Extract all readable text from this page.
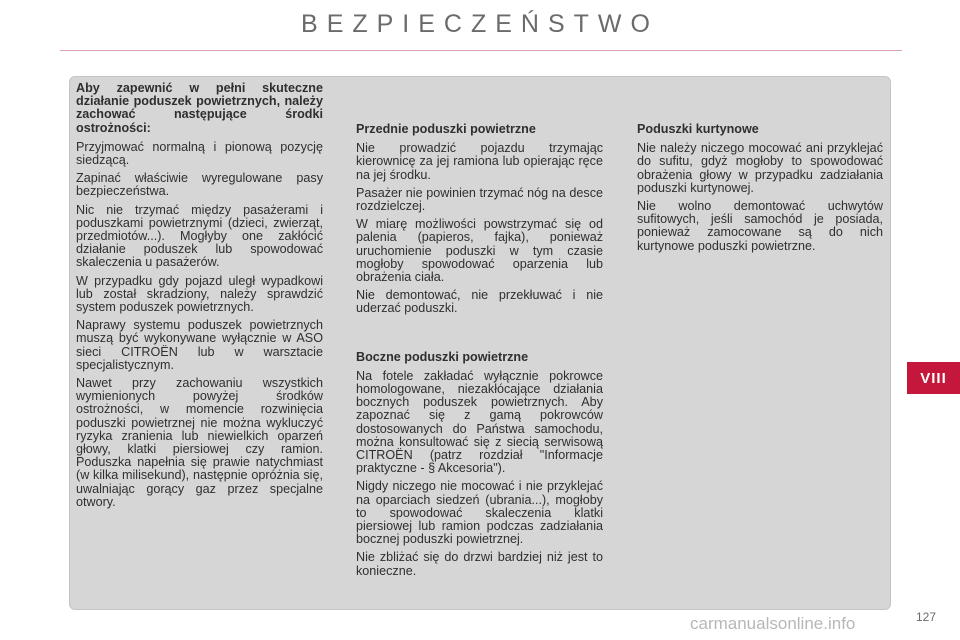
BEZPIECZEŃSTWO
Aby zapewnić w pełni skuteczne działanie poduszek powietrznych, należy zachować następujące środki ostrożności:

Przyjmować normalną i pionową pozycję siedzącą.

Zapinać właściwie wyregulowane pasy bezpieczeństwa.

Nic nie trzymać między pasażerami i poduszkami powietrznymi (dzieci, zwierząt, przedmiotów...). Mogłyby one zakłócić działanie poduszek lub spowodować skaleczenia u pasażerów.

W przypadku gdy pojazd uległ wypadkowi lub został skradziony, należy sprawdzić system poduszek powietrznych.

Naprawy systemu poduszek powietrznych muszą być wykonywane wyłącznie w ASO sieci CITROËN lub w warsztacie specjalistycznym.

Nawet przy zachowaniu wszystkich wymienionych powyżej środków ostrożności, w momencie rozwinięcia poduszki powietrznej nie można wykluczyć ryzyka zranienia lub niewielkich oparzeń głowy, klatki piersiowej czy ramion. Poduszka napełnia się prawie natychmiast (w kilka milisekund), następnie opróżnia się, uwalniając gorący gaz przez specjalne otwory.

Przednie poduszki powietrzne

Nie prowadzić pojazdu trzymając kierownicę za jej ramiona lub opierając ręce na jej środku.

Pasażer nie powinien trzymać nóg na desce rozdzielczej.

W miarę możliwości powstrzymać się od palenia (papieros, fajka), ponieważ uruchomienie poduszki w tym czasie mogłoby spowodować oparzenia lub obrażenia ciała.

Nie demontować, nie przekłuwać i nie uderzać poduszki.

Boczne poduszki powietrzne

Na fotele zakładać wyłącznie pokrowce homologowane, niezakłócające działania bocznych poduszek powietrznych. Aby zapoznać się z gamą pokrowców dostosowanych do Państwa samochodu, można konsultować się z siecią serwisową CITROËN (patrz rozdział "Informacje praktyczne - § Akcesoria").

Nigdy niczego nie mocować i nie przyklejać na oparciach siedzeń (ubrania...), mogłoby to spowodować skaleczenia klatki piersiowej lub ramion podczas zadziałania bocznej poduszki powietrznej.

Nie zbliżać się do drzwi bardziej niż jest to konieczne.

Poduszki kurtynowe

Nie należy niczego mocować ani przyklejać do sufitu, gdyż mogłoby to spowodować obrażenia głowy w przypadku zadziałania poduszki kurtynowej.

Nie wolno demontować uchwytów sufitowych, jeśli samochód je posiada, ponieważ zamocowane są do nich kurtynowe poduszki powietrzne.

VIII
carmanualsonline.info	127
